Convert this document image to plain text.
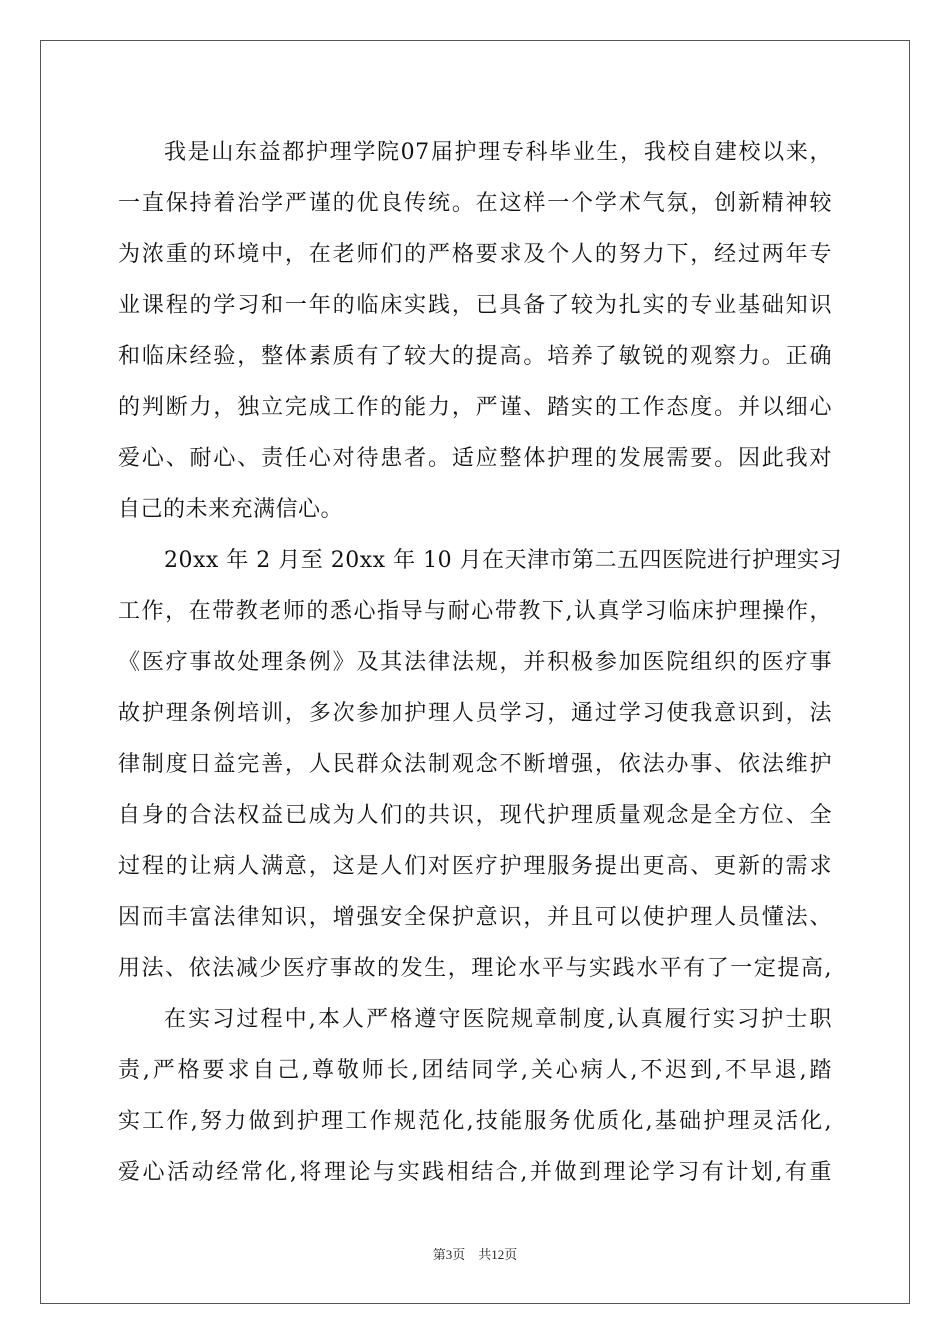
我是山东益都护理学院07届护理专科毕业生，我校自建校以来，
一直保持着治学严谨的优良传统。在这样一个学术气氛，创新精神较
为浓重的环境中，在老师们的严格要求及个人的努力下，经过两年专
业课程的学习和一年的临床实践，已具备了较为扎实的专业基础知识
和临床经验，整体素质有了较大的提高。培养了敏锐的观察力。正确
的判断力，独立完成工作的能力，严谨、踏实的工作态度。并以细心
爱心、耐心、责任心对待患者。适应整体护理的发展需要。因此我对
自己的未来充满信心。
20xx 年 2 月至 20xx 年 10 月在天津市第二五四医院进行护理实习
工作，在带教老师的悉心指导与耐心带教下,认真学习临床护理操作，
《医疗事故处理条例》及其法律法规，并积极参加医院组织的医疗事
故护理条例培训，多次参加护理人员学习，通过学习使我意识到，法
律制度日益完善，人民群众法制观念不断增强，依法办事、依法维护
自身的合法权益已成为人们的共识，现代护理质量观念是全方位、全
过程的让病人满意，这是人们对医疗护理服务提出更高、更新的需求
因而丰富法律知识，增强安全保护意识，并且可以使护理人员懂法、
用法、依法减少医疗事故的发生，理论水平与实践水平有了一定提高,
在实习过程中,本人严格遵守医院规章制度,认真履行实习护士职
责,严格要求自己,尊敬师长,团结同学,关心病人,不迟到,不早退,踏
实工作,努力做到护理工作规范化,技能服务优质化,基础护理灵活化,
爱心活动经常化,将理论与实践相结合,并做到理论学习有计划,有重
第3页　共12页
